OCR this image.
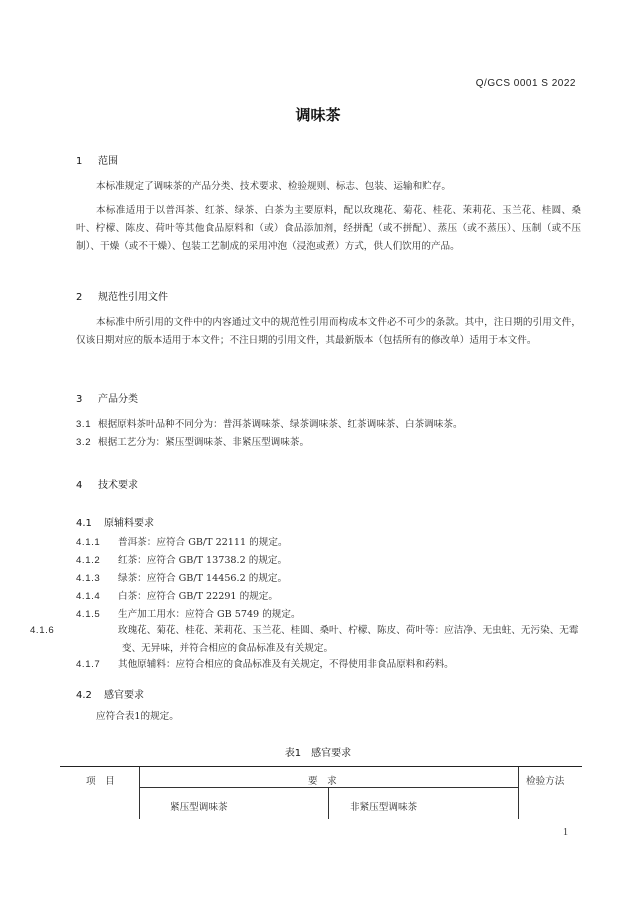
Q/GCS 0001 S 2022
调味茶
1 范围
本标准规定了调味茶的产品分类、技术要求、检验规则、标志、包装、运输和贮存。
本标准适用于以普洱茶、红茶、绿茶、白茶为主要原料，配以玫瑰花、菊花、桂花、茉莉花、玉兰花、桂圆、桑叶、柠檬、陈皮、荷叶等其他食品原料和（或）食品添加剂，经拼配（或不拼配）、蒸压（或不蒸压）、压制（或不压制）、干燥（或不干燥）、包装工艺制成的采用冲泡（浸泡或煮）方式，供人们饮用的产品。
2 规范性引用文件
本标准中所引用的文件中的内容通过文中的规范性引用而构成本文件必不可少的条款。其中，注日期的引用文件，仅该日期对应的版本适用于本文件；不注日期的引用文件，其最新版本（包括所有的修改单）适用于本文件。
3 产品分类
3.1 根据原料茶叶品种不同分为：普洱茶调味茶、绿茶调味茶、红茶调味茶、白茶调味茶。
3.2 根据工艺分为：紧压型调味茶、非紧压型调味茶。
4 技术要求
4.1 原辅料要求
4.1.1 普洱茶：应符合 GB/T 22111 的规定。
4.1.2 红茶：应符合 GB/T 13738.2 的规定。
4.1.3 绿茶：应符合 GB/T 14456.2 的规定。
4.1.4 白茶：应符合 GB/T 22291 的规定。
4.1.5 生产加工用水：应符合 GB 5749 的规定。
4.1.6	玫瑰花、菊花、桂花、茉莉花、玉兰花、桂圆、桑叶、柠檬、陈皮、荷叶等：应洁净、无虫蛀、无污染、无霉变、无异味，并符合相应的食品标准及有关规定。
4.1.7 其他原辅料：应符合相应的食品标准及有关规定，不得使用非食品原料和药料。
4.2 感官要求
应符合表1的规定。
表1　感官要求
项　目	要　求	检验方法
紧压型调味茶	非紧压型调味茶
1
